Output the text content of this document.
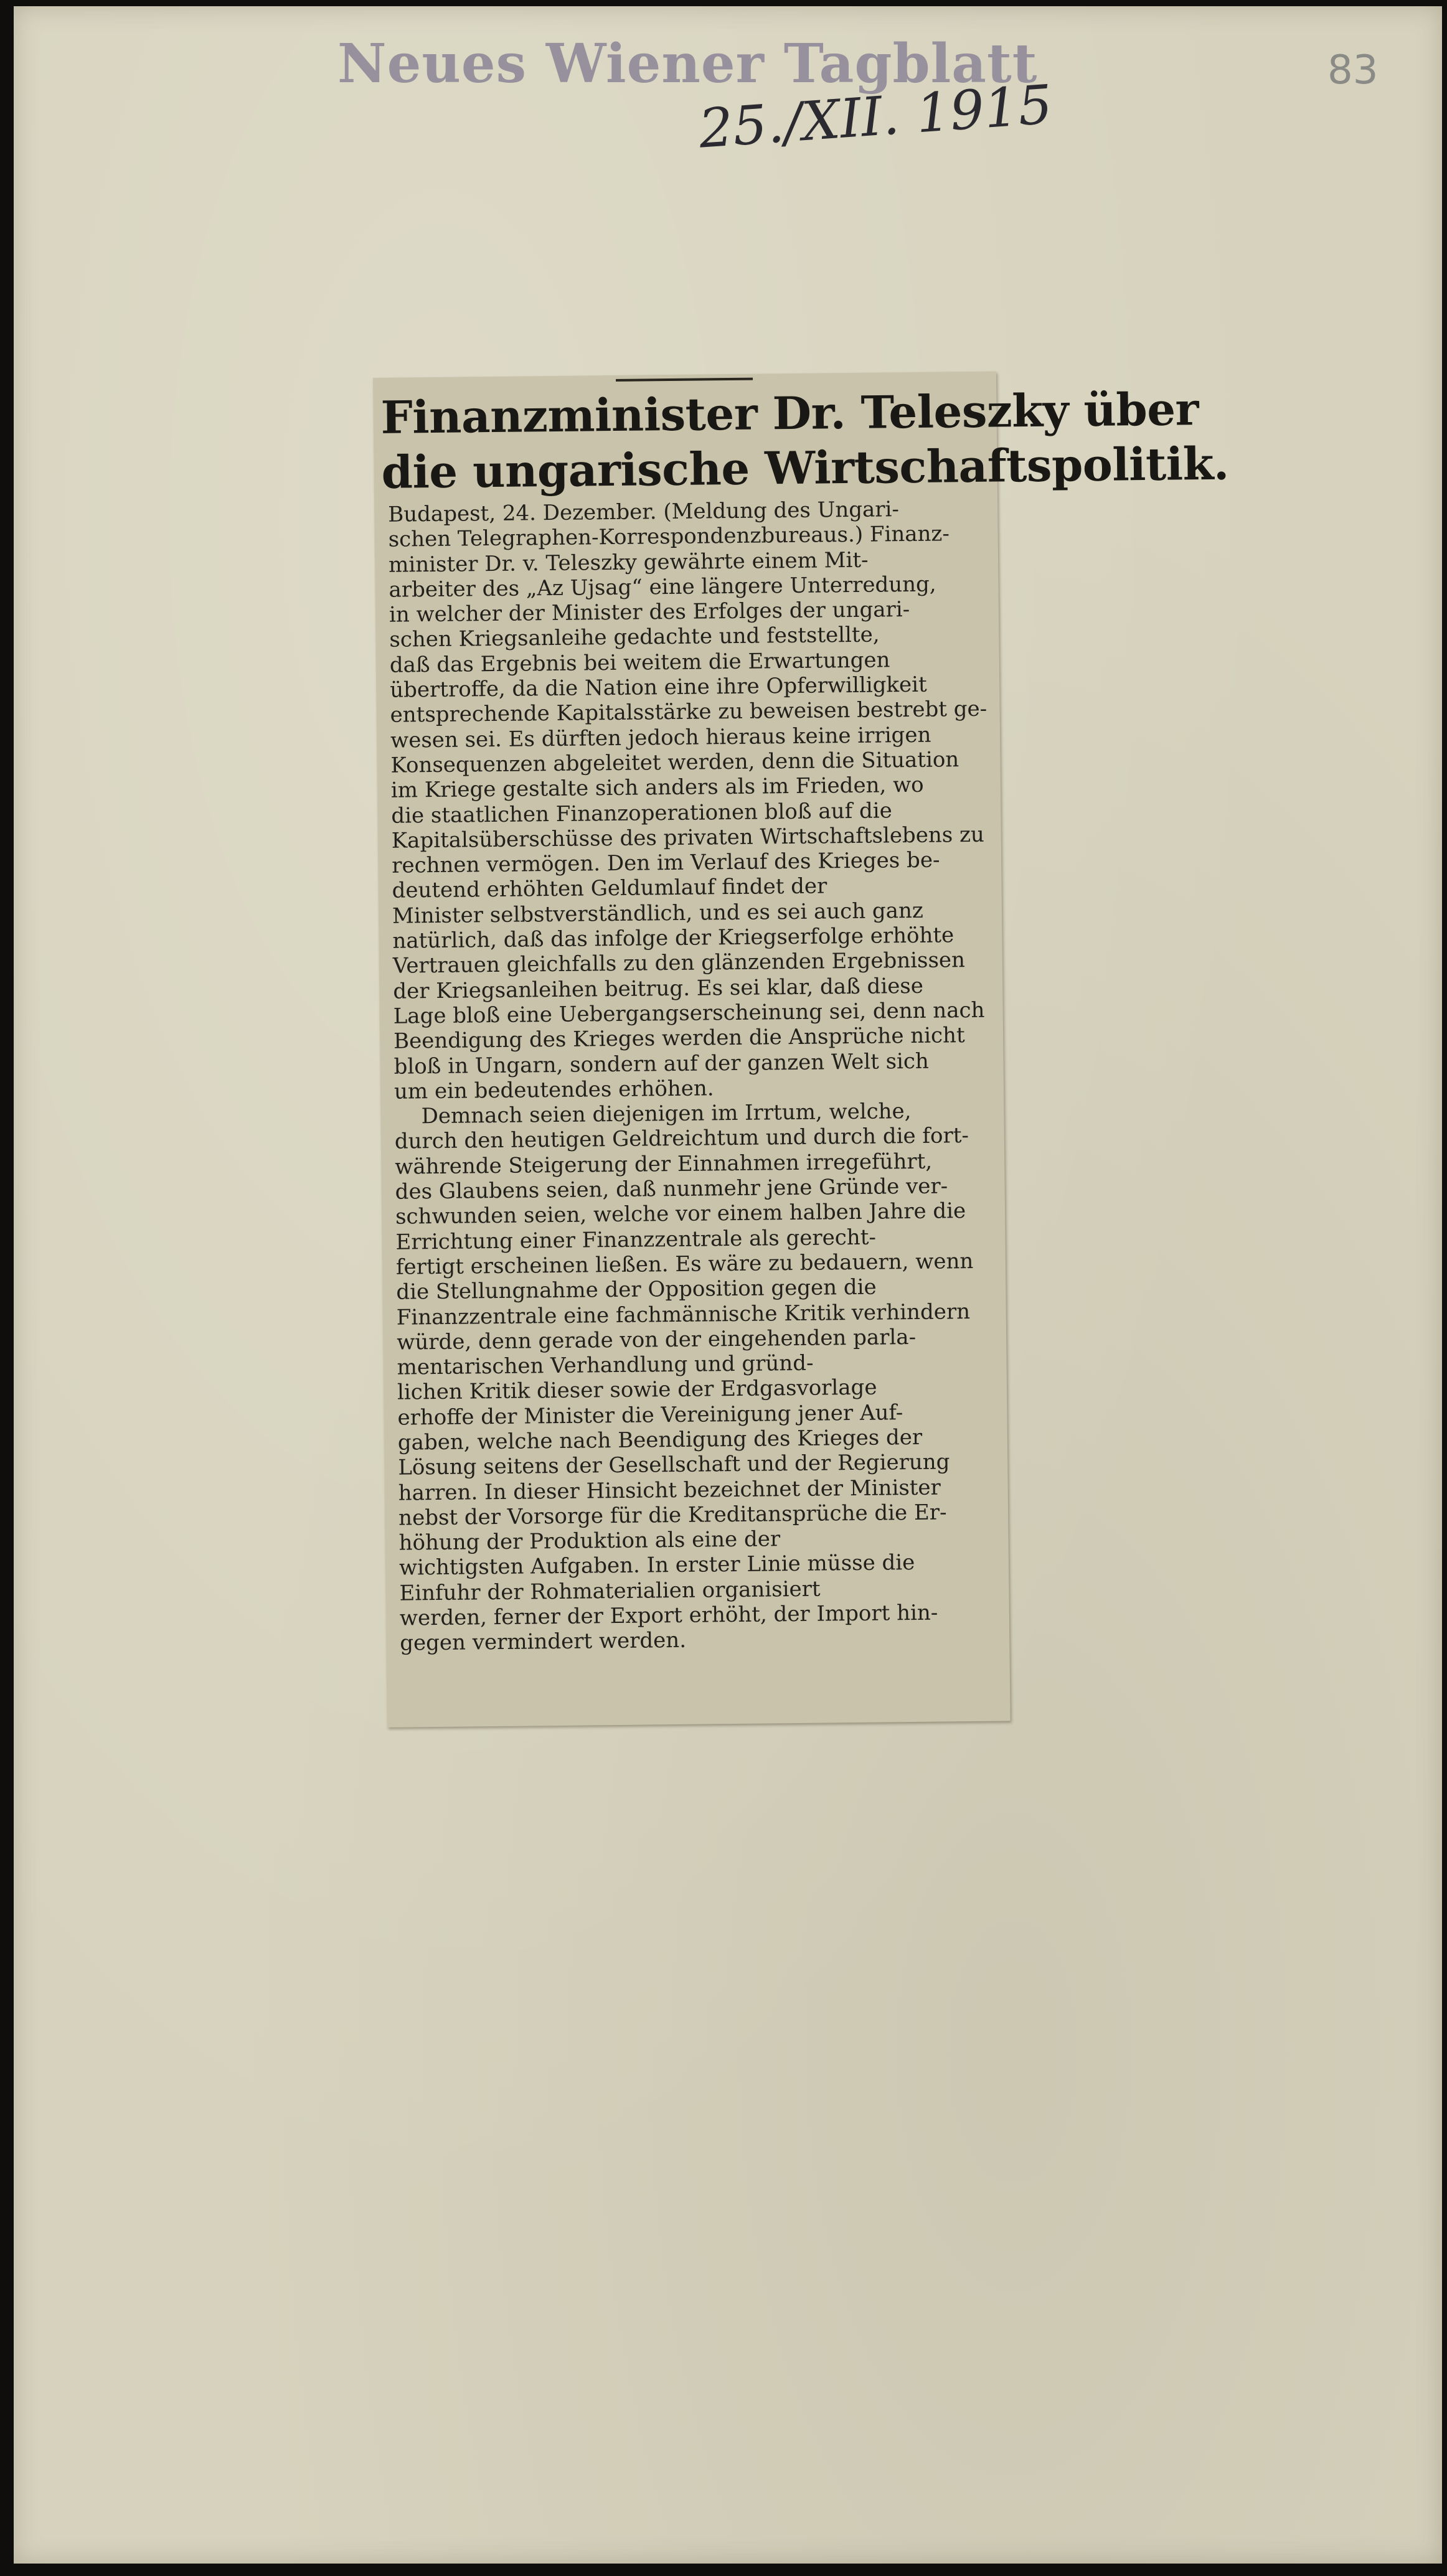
Neues Wiener Tagblatt
25./XII. 1915
83
Finanzminister Dr. Teleszky über
die ungarische Wirtschaftspolitik.
Budapest, 24. Dezember. (Meldung des Ungari-
schen Telegraphen-Korrespondenzbureaus.) Finanz-
minister Dr. v. Teleszky gewährte einem Mit-
arbeiter des „Az Ujsag“ eine längere Unterredung,
in welcher der Minister des Erfolges der ungari-
schen Kriegsanleihe gedachte und feststellte,
daß das Ergebnis bei weitem die Erwartungen
übertroffe, da die Nation eine ihre Opferwilligkeit
entsprechende Kapitalsstärke zu beweisen bestrebt ge-
wesen sei. Es dürften jedoch hieraus keine irrigen
Konsequenzen abgeleitet werden, denn die Situation
im Kriege gestalte sich anders als im Frieden, wo
die staatlichen Finanzoperationen bloß auf die
Kapitalsüberschüsse des privaten Wirtschaftslebens zu
rechnen vermögen. Den im Verlauf des Krieges be-
deutend erhöhten Geldumlauf findet der
Minister selbstverständlich, und es sei auch ganz
natürlich, daß das infolge der Kriegserfolge erhöhte
Vertrauen gleichfalls zu den glänzenden Ergebnissen
der Kriegsanleihen beitrug. Es sei klar, daß diese
Lage bloß eine Uebergangserscheinung sei, denn nach
Beendigung des Krieges werden die Ansprüche nicht
bloß in Ungarn, sondern auf der ganzen Welt sich
um ein bedeutendes erhöhen.
Demnach seien diejenigen im Irrtum, welche,
durch den heutigen Geldreichtum und durch die fort-
währende Steigerung der Einnahmen irregeführt,
des Glaubens seien, daß nunmehr jene Gründe ver-
schwunden seien, welche vor einem halben Jahre die
Errichtung einer Finanzzentrale als gerecht-
fertigt erscheinen ließen. Es wäre zu bedauern, wenn
die Stellungnahme der Opposition gegen die
Finanzzentrale eine fachmännische Kritik verhindern
würde, denn gerade von der eingehenden parla-
mentarischen Verhandlung und gründ-
lichen Kritik dieser sowie der Erdgasvorlage
erhoffe der Minister die Vereinigung jener Auf-
gaben, welche nach Beendigung des Krieges der
Lösung seitens der Gesellschaft und der Regierung
harren. In dieser Hinsicht bezeichnet der Minister
nebst der Vorsorge für die Kreditansprüche die Er-
höhung der Produktion als eine der
wichtigsten Aufgaben. In erster Linie müsse die
Einfuhr der Rohmaterialien organisiert
werden, ferner der Export erhöht, der Import hin-
gegen vermindert werden.
